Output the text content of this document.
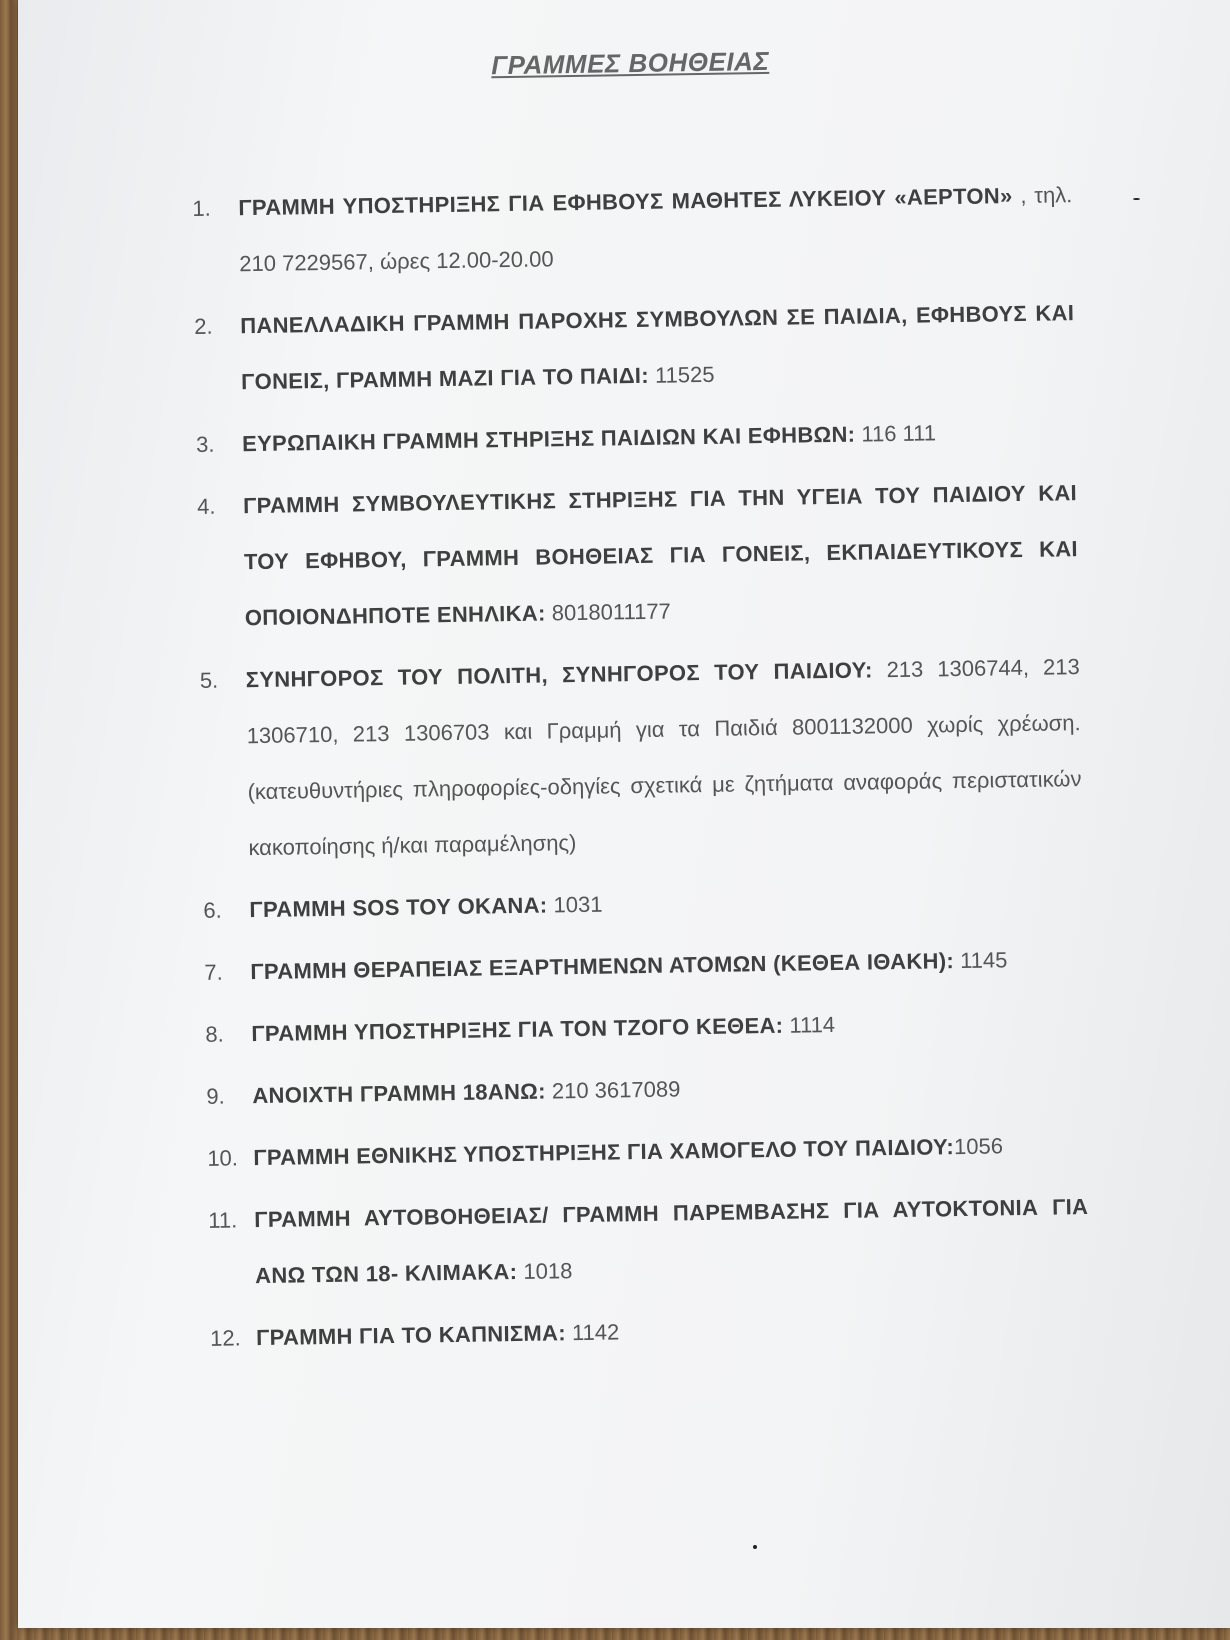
ΓΡΑΜΜΕΣ ΒΟΗΘΕΙΑΣ
1. ΓΡΑΜΜΗ ΥΠΟΣΤΗΡΙΞΗΣ ΓΙΑ ΕΦΗΒΟΥΣ ΜΑΘΗΤΕΣ ΛΥΚΕΙΟΥ «ΑΕΡΤΟΝ» , τηλ. 210 7229567, ώρες 12.00-20.00
2. ΠΑΝΕΛΛΑΔΙΚΗ ΓΡΑΜΜΗ ΠΑΡΟΧΗΣ ΣΥΜΒΟΥΛΩΝ ΣΕ ΠΑΙΔΙΑ, ΕΦΗΒΟΥΣ ΚΑΙ ΓΟΝΕΙΣ, ΓΡΑΜΜΗ ΜΑΖΙ ΓΙΑ ΤΟ ΠΑΙΔΙ: 11525
3. ΕΥΡΩΠΑΙΚΗ ΓΡΑΜΜΗ ΣΤΗΡΙΞΗΣ ΠΑΙΔΙΩΝ ΚΑΙ ΕΦΗΒΩΝ: 116 111
4. ΓΡΑΜΜΗ ΣΥΜΒΟΥΛΕΥΤΙΚΗΣ ΣΤΗΡΙΞΗΣ ΓΙΑ ΤΗΝ ΥΓΕΙΑ ΤΟΥ ΠΑΙΔΙΟΥ ΚΑΙ ΤΟΥ ΕΦΗΒΟΥ, ΓΡΑΜΜΗ ΒΟΗΘΕΙΑΣ ΓΙΑ ΓΟΝΕΙΣ, ΕΚΠΑΙΔΕΥΤΙΚΟΥΣ ΚΑΙ ΟΠΟΙΟΝΔΗΠΟΤΕ ΕΝΗΛΙΚΑ: 8018011177
5. ΣΥΝΗΓΟΡΟΣ ΤΟΥ ΠΟΛΙΤΗ, ΣΥΝΗΓΟΡΟΣ ΤΟΥ ΠΑΙΔΙΟΥ: 213 1306744, 213 1306710, 213 1306703 και Γραμμή για τα Παιδιά 8001132000 χωρίς χρέωση. (κατευθυντήριες πληροφορίες-οδηγίες σχετικά με ζητήματα αναφοράς περιστατικών κακοποίησης ή/και παραμέλησης)
6. ΓΡΑΜΜΗ SOS ΤΟΥ ΟΚΑΝΑ: 1031
7. ΓΡΑΜΜΗ ΘΕΡΑΠΕΙΑΣ ΕΞΑΡΤΗΜΕΝΩΝ ΑΤΟΜΩΝ (ΚΕΘΕΑ ΙΘΑΚΗ): 1145
8. ΓΡΑΜΜΗ ΥΠΟΣΤΗΡΙΞΗΣ ΓΙΑ ΤΟΝ ΤΖΟΓΟ ΚΕΘΕΑ: 1114
9. ΑΝΟΙΧΤΗ ΓΡΑΜΜΗ 18ΑΝΩ: 210 3617089
10. ΓΡΑΜΜΗ ΕΘΝΙΚΗΣ ΥΠΟΣΤΗΡΙΞΗΣ ΓΙΑ ΧΑΜΟΓΕΛΟ ΤΟΥ ΠΑΙΔΙΟΥ:1056
11. ΓΡΑΜΜΗ ΑΥΤΟΒΟΗΘΕΙΑΣ/ ΓΡΑΜΜΗ ΠΑΡΕΜΒΑΣΗΣ ΓΙΑ ΑΥΤΟΚΤΟΝΙΑ ΓΙΑ ΑΝΩ ΤΩΝ 18- ΚΛΙΜΑΚΑ: 1018
12. ΓΡΑΜΜΗ ΓΙΑ ΤΟ ΚΑΠΝΙΣΜΑ: 1142
